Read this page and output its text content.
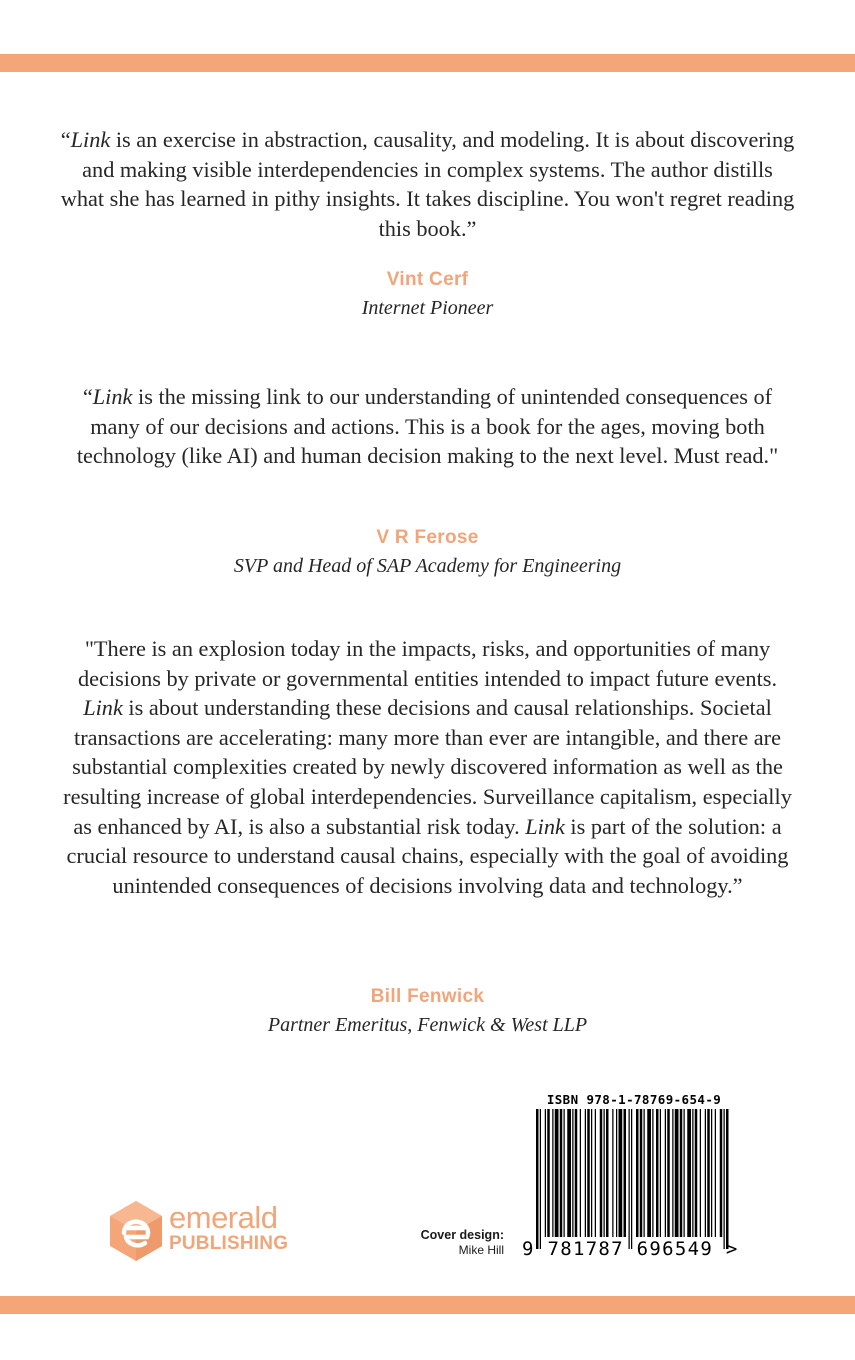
“Link is an exercise in abstraction, causality, and modeling. It is about discovering and making visible interdependencies in complex systems. The author distills what she has learned in pithy insights. It takes discipline. You won't regret reading this book.”
Vint Cerf
Internet Pioneer
“Link is the missing link to our understanding of unintended consequences of many of our decisions and actions. This is a book for the ages, moving both technology (like AI) and human decision making to the next level. Must read."
V R Ferose
SVP and Head of SAP Academy for Engineering
"There is an explosion today in the impacts, risks, and opportunities of many decisions by private or governmental entities intended to impact future events. Link is about understanding these decisions and causal relationships. Societal transactions are accelerating: many more than ever are intangible, and there are substantial complexities created by newly discovered information as well as the resulting increase of global interdependencies. Surveillance capitalism, especially as enhanced by AI, is also a substantial risk today. Link is part of the solution: a crucial resource to understand causal chains, especially with the goal of avoiding unintended consequences of decisions involving data and technology.”
Bill Fenwick
Partner Emeritus, Fenwick & West LLP
emerald
PUBLISHING	Cover design:
Mike Hill
ISBN 978-1-78769-654-9
9 781787 696549 >
